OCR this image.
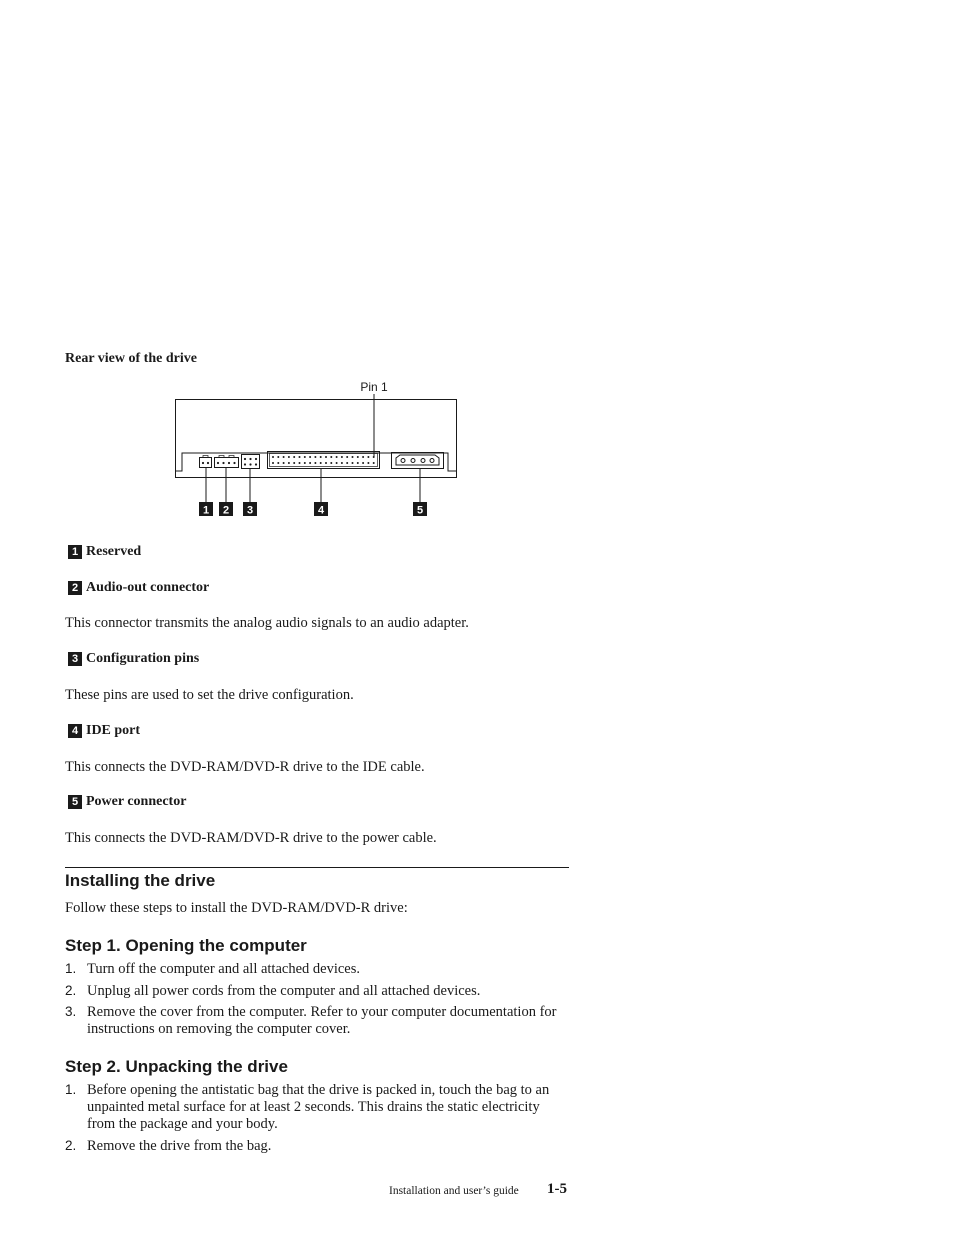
Rear view of the drive
Pin 1
1 2 3	4	5
1 Reserved
2 Audio-out connector
This connector transmits the analog audio signals to an audio adapter.
3 Configuration pins
These pins are used to set the drive configuration.
4 IDE port
This connects the DVD-RAM/DVD-R drive to the IDE cable.
5 Power connector
This connects the DVD-RAM/DVD-R drive to the power cable.
Installing the drive
Follow these steps to install the DVD-RAM/DVD-R drive:
Step 1. Opening the computer
1. Turn off the computer and all attached devices.
2. Unplug all power cords from the computer and all attached devices.
3. Remove the cover from the computer. Refer to your computer documentation for instructions on removing the computer cover.
Step 2. Unpacking the drive
1. Before opening the antistatic bag that the drive is packed in, touch the bag to an unpainted metal surface for at least 2 seconds. This drains the static electricity from the package and your body.
2. Remove the drive from the bag.
Installation and user’s guide 1-5
